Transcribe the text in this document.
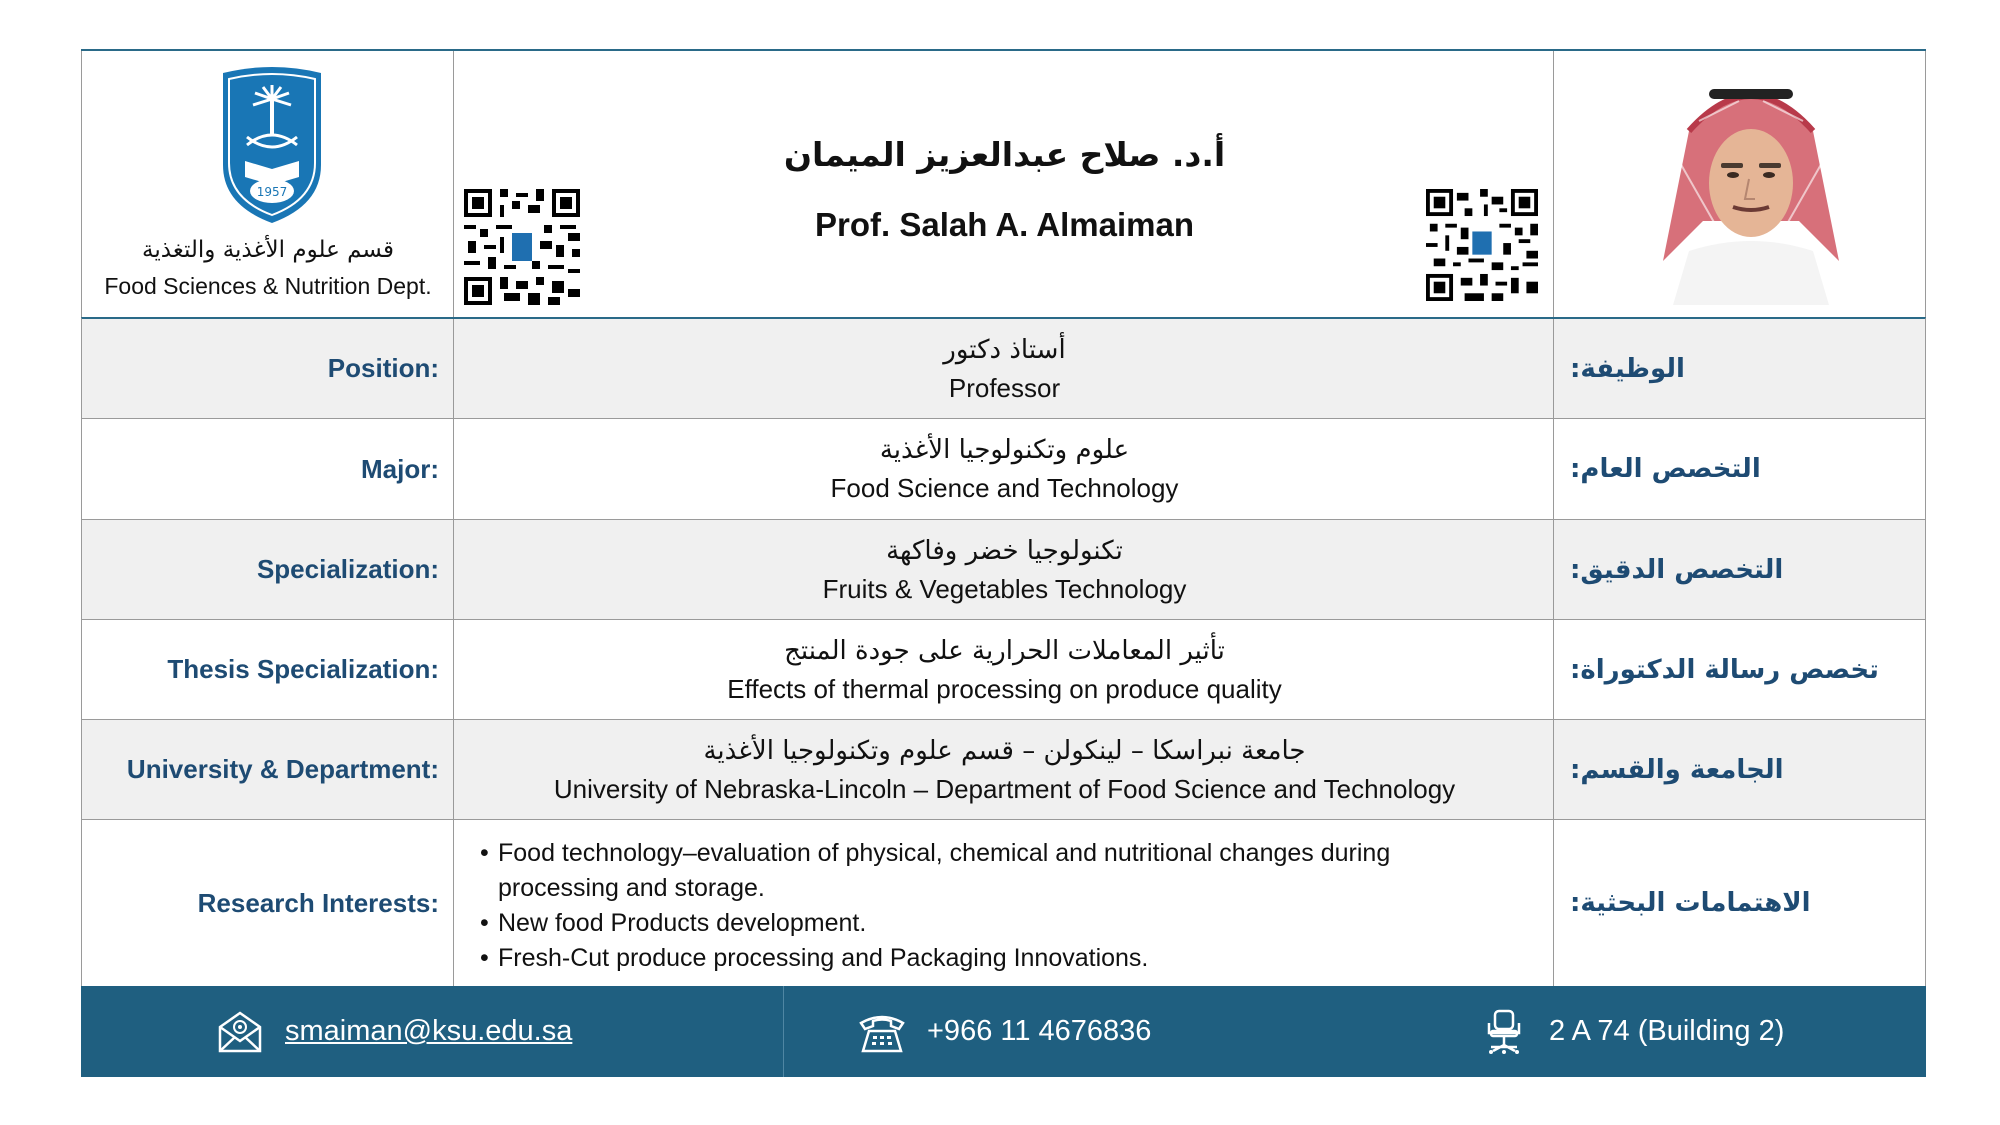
1957
قسم علوم الأغذية والتغذية
Food Sciences & Nutrition Dept.
أ.د. صلاح عبدالعزيز الميمان
Prof. Salah A. Almaiman
Position:
أستاذ دكتور
Professor
الوظيفة:
Major:
علوم وتكنولوجيا الأغذية
Food Science and Technology
التخصص العام:
Specialization:
تكنولوجيا خضر وفاكهة
Fruits & Vegetables Technology
التخصص الدقيق:
Thesis Specialization:
تأثير المعاملات الحرارية على جودة المنتج
Effects of thermal processing on produce quality
تخصص رسالة الدكتوراة:
University & Department:
جامعة نبراسكا – لينكولن – قسم علوم وتكنولوجيا الأغذية
University of Nebraska-Lincoln – Department of Food Science and Technology
الجامعة والقسم:
Research Interests:
• Food technology–evaluation of physical, chemical and nutritional changes during processing and storage.
• New food Products development.
• Fresh-Cut produce processing and Packaging Innovations.
الاهتمامات البحثية:
smaiman@ksu.edu.sa	+966 11 4676836	2 A 74 (Building 2)
